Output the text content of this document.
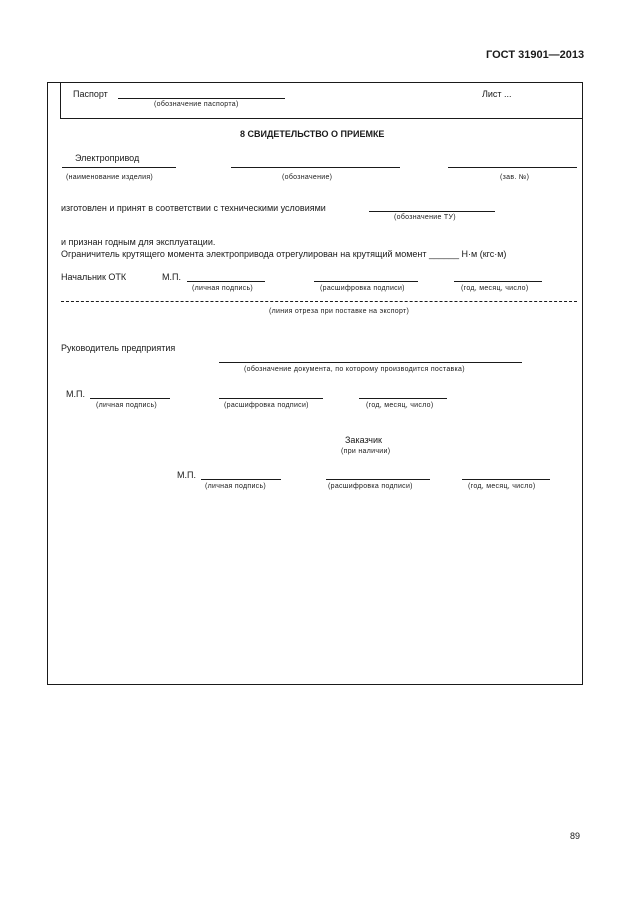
ГОСТ 31901—2013
Паспорт
(обозначение паспорта)
Лист ...
8 СВИДЕТЕЛЬСТВО О ПРИЕМКЕ
Электропривод
(наименование изделия)	(обозначение)	(зав. №)
изготовлен и принят в соответствии с техническими условиями
(обозначение ТУ)
и признан годным для эксплуатации.
Ограничитель крутящего момента электропривода отрегулирован на крутящий момент ______ Н·м (кгс·м)
Начальник ОТК	М.П.
(личная подпись)	(расшифровка подписи)	(год, месяц, число)
(линия отреза при поставке на экспорт)
Руководитель предприятия
(обозначение документа, по которому производится поставка)
М.П.
(личная подпись)	(расшифровка подписи)	(год, месяц, число)
Заказчик
(при наличии)
М.П.
(личная подпись)	(расшифровка подписи)	(год, месяц, число)
89
